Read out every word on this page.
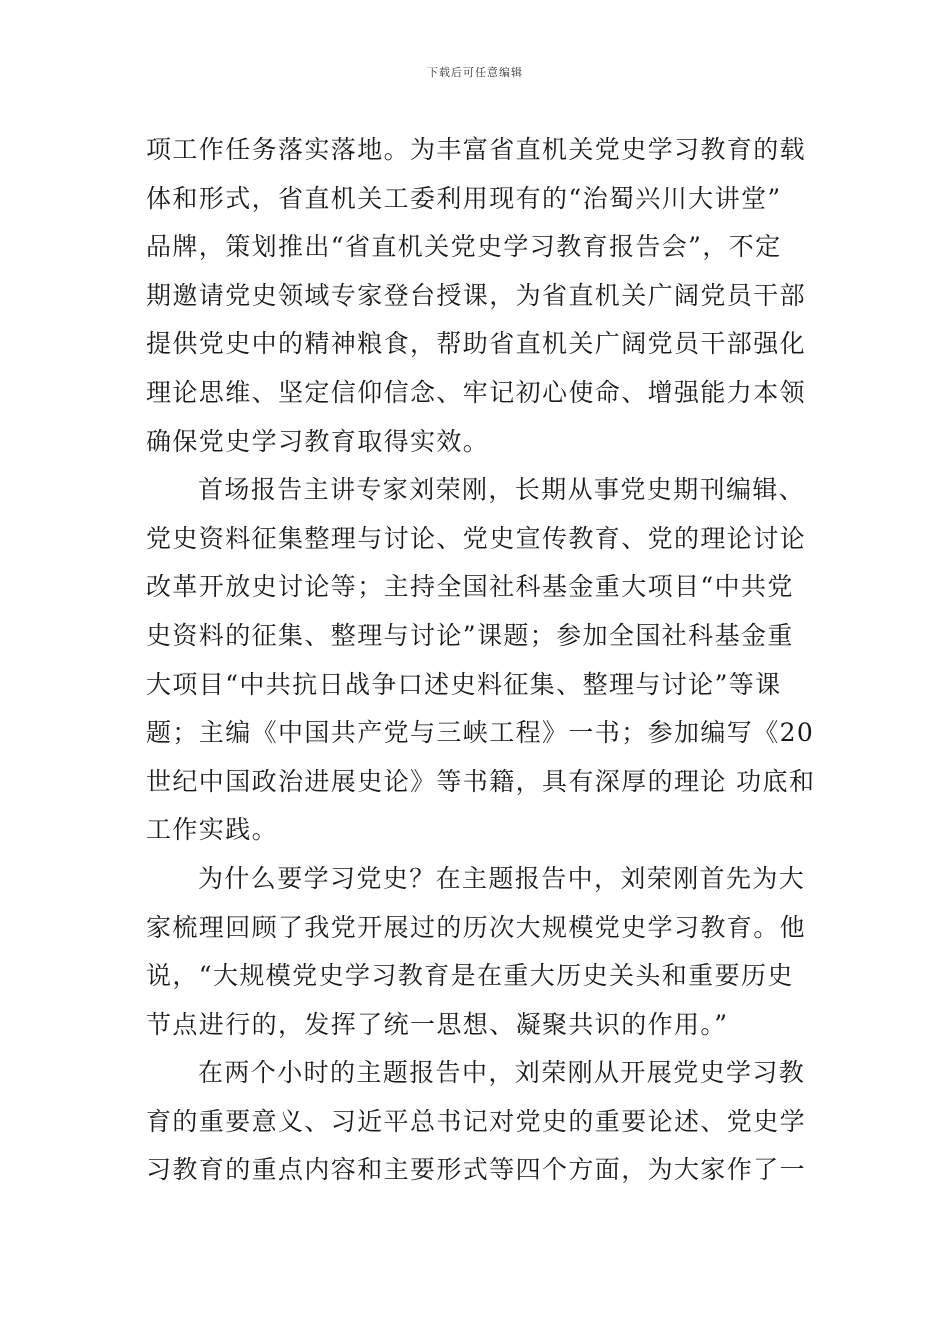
下载后可任意编辑
项工作任务落实落地。为丰富省直机关党史学习教育的载
体和形式，省直机关工委利用现有的“治蜀兴川大讲堂”
品牌，策划推出“省直机关党史学习教育报告会”，不定
期邀请党史领域专家登台授课，为省直机关广阔党员干部
提供党史中的精神粮食，帮助省直机关广阔党员干部强化
理论思维、坚定信仰信念、牢记初心使命、增强能力本领
确保党史学习教育取得实效。
首场报告主讲专家刘荣刚，长期从事党史期刊编辑、
党史资料征集整理与讨论、党史宣传教育、党的理论讨论
改革开放史讨论等；主持全国社科基金重大项目“中共党
史资料的征集、整理与讨论”课题；参加全国社科基金重
大项目“中共抗日战争口述史料征集、整理与讨论”等课
题；主编《中国共产党与三峡工程》一书；参加编写《20
世纪中国政治进展史论》等书籍，具有深厚的理论 功底和
工作实践。
为什么要学习党史？在主题报告中，刘荣刚首先为大
家梳理回顾了我党开展过的历次大规模党史学习教育。他
说，“大规模党史学习教育是在重大历史关头和重要历史
节点进行的，发挥了统一思想、凝聚共识的作用。”
在两个小时的主题报告中，刘荣刚从开展党史学习教
育的重要意义、习近平总书记对党史的重要论述、党史学
习教育的重点内容和主要形式等四个方面，为大家作了一
